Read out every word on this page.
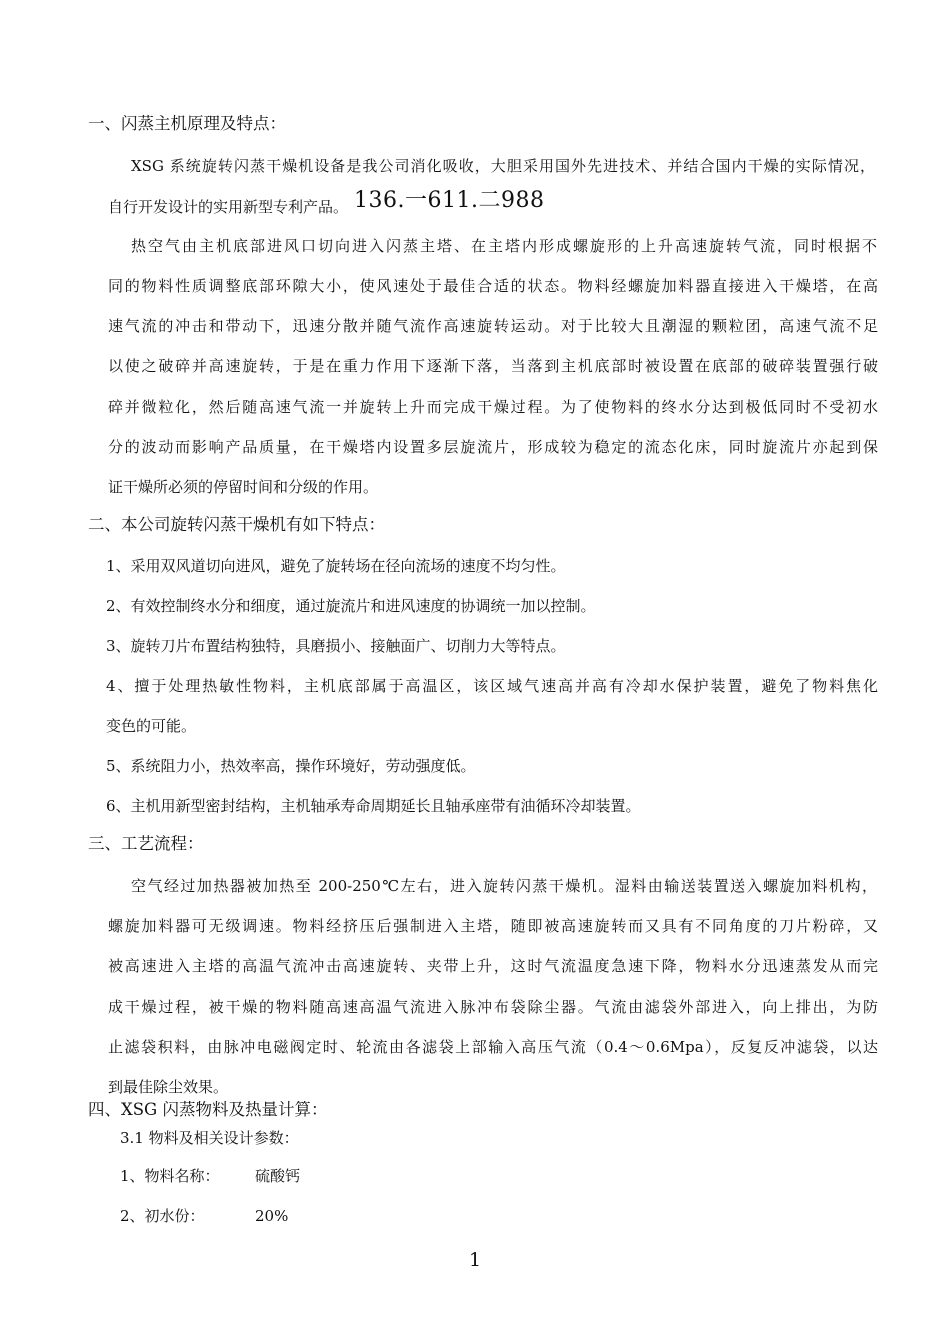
一、闪蒸主机原理及特点：
XSG 系统旋转闪蒸干燥机设备是我公司消化吸收，大胆采用国外先进技术、并结合国内干燥的实际情况，
自行开发设计的实用新型专利产品。 136.一611.二988
热空气由主机底部进风口切向进入闪蒸主塔、在主塔内形成螺旋形的上升高速旋转气流，同时根据不
同的物料性质调整底部环隙大小，使风速处于最佳合适的状态。物料经螺旋加料器直接进入干燥塔，在高
速气流的冲击和带动下，迅速分散并随气流作高速旋转运动。对于比较大且潮湿的颗粒团，高速气流不足
以使之破碎并高速旋转，于是在重力作用下逐渐下落，当落到主机底部时被设置在底部的破碎装置强行破
碎并微粒化，然后随高速气流一并旋转上升而完成干燥过程。为了使物料的终水分达到极低同时不受初水
分的波动而影响产品质量，在干燥塔内设置多层旋流片，形成较为稳定的流态化床，同时旋流片亦起到保
证干燥所必须的停留时间和分级的作用。
二、本公司旋转闪蒸干燥机有如下特点：
1、采用双风道切向进风，避免了旋转场在径向流场的速度不均匀性。
2、有效控制终水分和细度，通过旋流片和进风速度的协调统一加以控制。
3、旋转刀片布置结构独特，具磨损小、接触面广、切削力大等特点。
4、擅于处理热敏性物料，主机底部属于高温区，该区域气速高并高有冷却水保护装置，避免了物料焦化
变色的可能。
5、系统阻力小，热效率高，操作环境好，劳动强度低。
6、主机用新型密封结构，主机轴承寿命周期延长且轴承座带有油循环冷却装置。
三、工艺流程：
空气经过加热器被加热至 200-250℃左右，进入旋转闪蒸干燥机。湿料由输送装置送入螺旋加料机构，
螺旋加料器可无级调速。物料经挤压后强制进入主塔，随即被高速旋转而又具有不同角度的刀片粉碎，又
被高速进入主塔的高温气流冲击高速旋转、夹带上升，这时气流温度急速下降，物料水分迅速蒸发从而完
成干燥过程，被干燥的物料随高速高温气流进入脉冲布袋除尘器。气流由滤袋外部进入，向上排出，为防
止滤袋积料，由脉冲电磁阀定时、轮流由各滤袋上部输入高压气流（0.4～0.6Mpa），反复反冲滤袋，以达
到最佳除尘效果。
四、XSG 闪蒸物料及热量计算：
3.1 物料及相关设计参数：
1、物料名称： 硫酸钙
2、初水份：	20%
1
